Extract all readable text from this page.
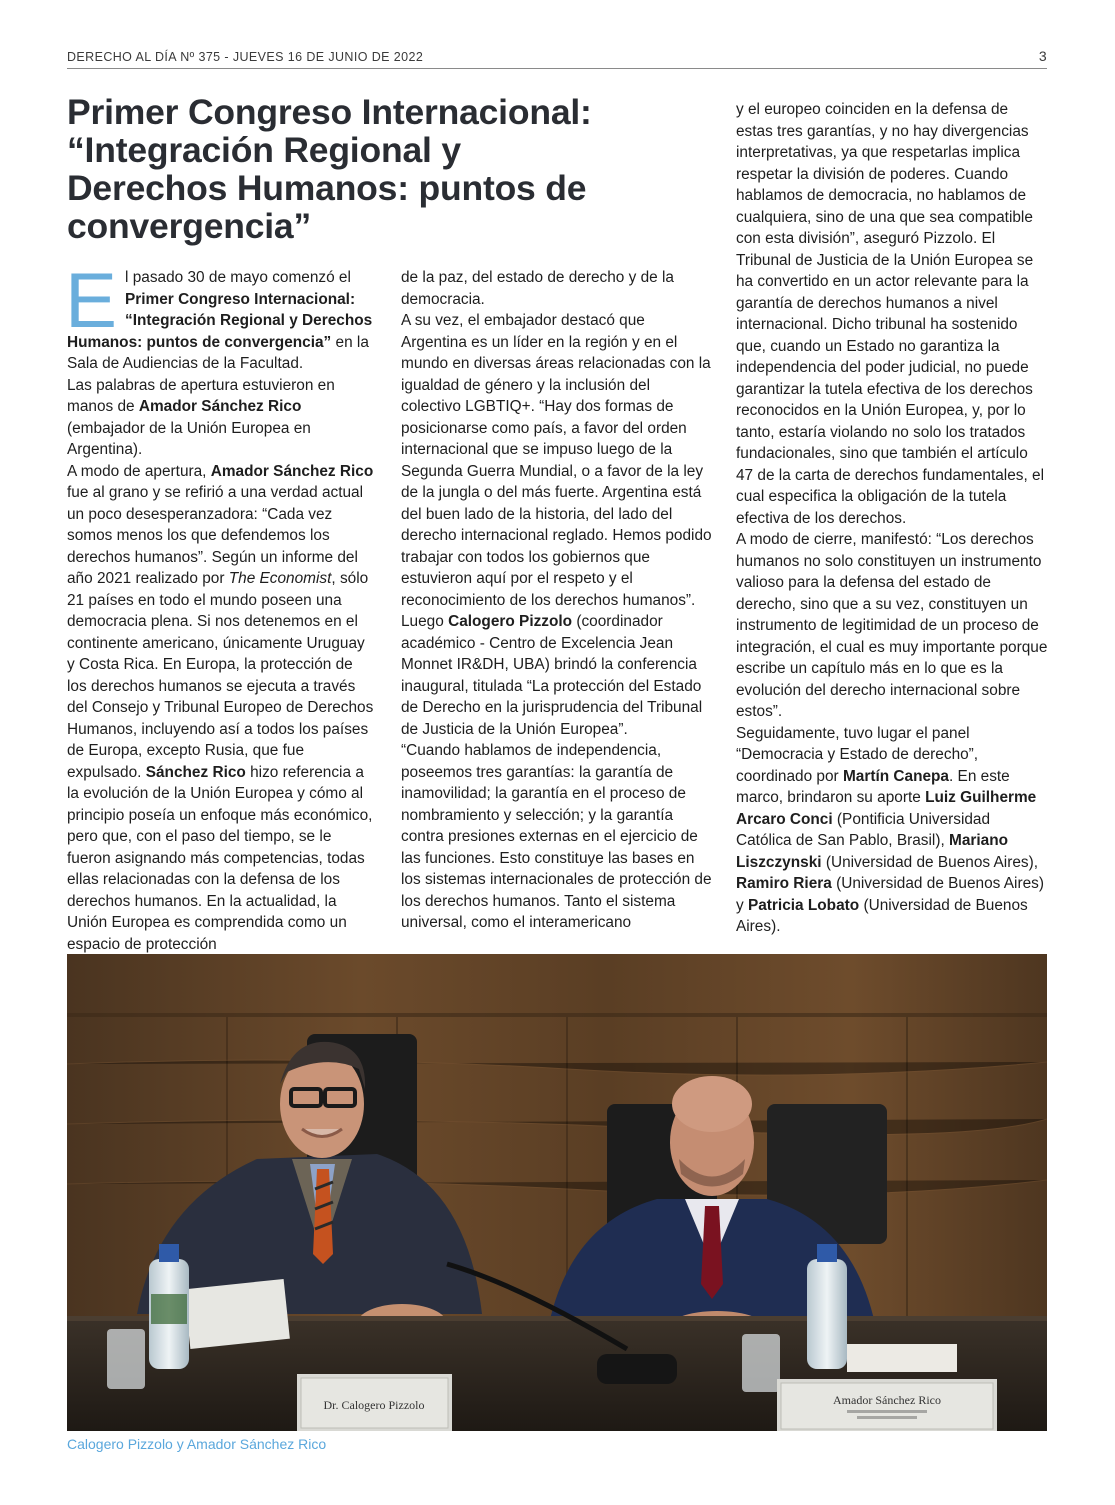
DERECHO AL DÍA Nº 375 - JUEVES 16 DE JUNIO DE 2022	3
Primer Congreso Internacional:
“Integración Regional y
Derechos Humanos: puntos de
convergencia”

El pasado 30 de mayo comenzó el Primer Congreso Internacional: “Integración Regional y Derechos Humanos: puntos de convergencia” en la Sala de Audiencias de la Facultad.

Las palabras de apertura estuvieron en manos de Amador Sánchez Rico (embajador de la Unión Europea en Argentina).

A modo de apertura, Amador Sánchez Rico fue al grano y se refirió a una verdad actual un poco desesperanzadora: “Cada vez somos menos los que defendemos los derechos humanos”. Según un informe del año 2021 realizado por The Economist, sólo 21 países en todo el mundo poseen una democracia plena. Si nos detenemos en el continente americano, únicamente Uruguay y Costa Rica. En Europa, la protección de los derechos humanos se ejecuta a través del Consejo y Tribunal Europeo de Derechos Humanos, incluyendo así a todos los países de Europa, excepto Rusia, que fue expulsado. Sánchez Rico hizo referencia a la evolución de la Unión Europea y cómo al principio poseía un enfoque más económico, pero que, con el paso del tiempo, se le fueron asignando más competencias, todas ellas relacionadas con la defensa de los derechos humanos. En la actualidad, la Unión Europea es comprendida como un espacio de protección

de la paz, del estado de derecho y de la democracia.

A su vez, el embajador destacó que Argentina es un líder en la región y en el mundo en diversas áreas relacionadas con la igualdad de género y la inclusión del colectivo LGBTIQ+. “Hay dos formas de posicionarse como país, a favor del orden internacional que se impuso luego de la Segunda Guerra Mundial, o a favor de la ley de la jungla o del más fuerte. Argentina está del buen lado de la historia, del lado del derecho internacional reglado. Hemos podido trabajar con todos los gobiernos que estuvieron aquí por el respeto y el reconocimiento de los derechos humanos”.

Luego Calogero Pizzolo (coordinador académico - Centro de Excelencia Jean Monnet IR&DH, UBA) brindó la conferencia inaugural, titulada “La protección del Estado de Derecho en la jurisprudencia del Tribunal de Justicia de la Unión Europea”.

“Cuando hablamos de independencia, poseemos tres garantías: la garantía de inamovilidad; la garantía en el proceso de nombramiento y selección; y la garantía contra presiones externas en el ejercicio de las funciones. Esto constituye las bases en los sistemas internacionales de protección de los derechos humanos. Tanto el sistema universal, como el interamericano

y el europeo coinciden en la defensa de estas tres garantías, y no hay divergencias interpretativas, ya que respetarlas implica respetar la división de poderes. Cuando hablamos de democracia, no hablamos de cualquiera, sino de una que sea compatible con esta división”, aseguró Pizzolo. El Tribunal de Justicia de la Unión Europea se ha convertido en un actor relevante para la garantía de derechos humanos a nivel internacional. Dicho tribunal ha sostenido que, cuando un Estado no garantiza la independencia del poder judicial, no puede garantizar la tutela efectiva de los derechos reconocidos en la Unión Europea, y, por lo tanto, estaría violando no solo los tratados fundacionales, sino que también el artículo 47 de la carta de derechos fundamentales, el cual especifica la obligación de la tutela efectiva de los derechos.

A modo de cierre, manifestó: “Los derechos humanos no solo constituyen un instrumento valioso para la defensa del estado de derecho, sino que a su vez, constituyen un instrumento de legitimidad de un proceso de integración, el cual es muy importante porque escribe un capítulo más en lo que es la evolución del derecho internacional sobre estos”.

Seguidamente, tuvo lugar el panel “Democracia y Estado de derecho”, coordinado por Martín Canepa. En este marco, brindaron su aporte Luiz Guilherme Arcaro Conci (Pontificia Universidad Católica de San Pablo, Brasil), Mariano Liszczynski (Universidad de Buenos Aires), Ramiro Riera (Universidad de Buenos Aires) y Patricia Lobato (Universidad de Buenos Aires).

Dr. Calogero Pizzolo	Amador Sánchez Rico
Calogero Pizzolo y Amador Sánchez Rico
